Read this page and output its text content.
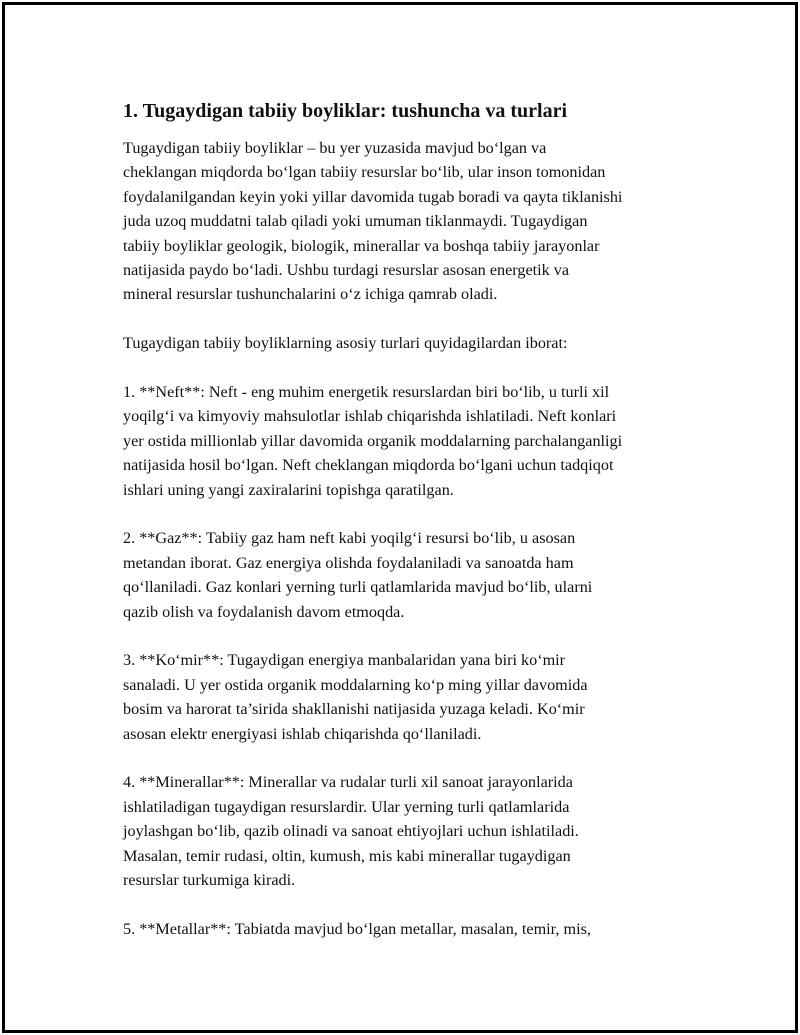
1. Tugaydigan tabiiy boyliklar: tushuncha va turlari
Tugaydigan tabiiy boyliklar – bu yer yuzasida mavjud bo‘lgan va
cheklangan miqdorda bo‘lgan tabiiy resurslar bo‘lib, ular inson tomonidan
foydalanilgandan keyin yoki yillar davomida tugab boradi va qayta tiklanishi
juda uzoq muddatni talab qiladi yoki umuman tiklanmaydi. Tugaydigan
tabiiy boyliklar geologik, biologik, minerallar va boshqa tabiiy jarayonlar
natijasida paydo bo‘ladi. Ushbu turdagi resurslar asosan energetik va
mineral resurslar tushunchalarini o‘z ichiga qamrab oladi.
Tugaydigan tabiiy boyliklarning asosiy turlari quyidagilardan iborat:
1. **Neft**: Neft - eng muhim energetik resurslardan biri bo‘lib, u turli xil
yoqilg‘i va kimyoviy mahsulotlar ishlab chiqarishda ishlatiladi. Neft konlari
yer ostida millionlab yillar davomida organik moddalarning parchalanganligi
natijasida hosil bo‘lgan. Neft cheklangan miqdorda bo‘lgani uchun tadqiqot
ishlari uning yangi zaxiralarini topishga qaratilgan.
2. **Gaz**: Tabiiy gaz ham neft kabi yoqilg‘i resursi bo‘lib, u asosan
metandan iborat. Gaz energiya olishda foydalaniladi va sanoatda ham
qo‘llaniladi. Gaz konlari yerning turli qatlamlarida mavjud bo‘lib, ularni
qazib olish va foydalanish davom etmoqda.
3. **Ko‘mir**: Tugaydigan energiya manbalaridan yana biri ko‘mir
sanaladi. U yer ostida organik moddalarning ko‘p ming yillar davomida
bosim va harorat ta’sirida shakllanishi natijasida yuzaga keladi. Ko‘mir
asosan elektr energiyasi ishlab chiqarishda qo‘llaniladi.
4. **Minerallar**: Minerallar va rudalar turli xil sanoat jarayonlarida
ishlatiladigan tugaydigan resurslardir. Ular yerning turli qatlamlarida
joylashgan bo‘lib, qazib olinadi va sanoat ehtiyojlari uchun ishlatiladi.
Masalan, temir rudasi, oltin, kumush, mis kabi minerallar tugaydigan
resurslar turkumiga kiradi.
5. **Metallar**: Tabiatda mavjud bo‘lgan metallar, masalan, temir, mis,
